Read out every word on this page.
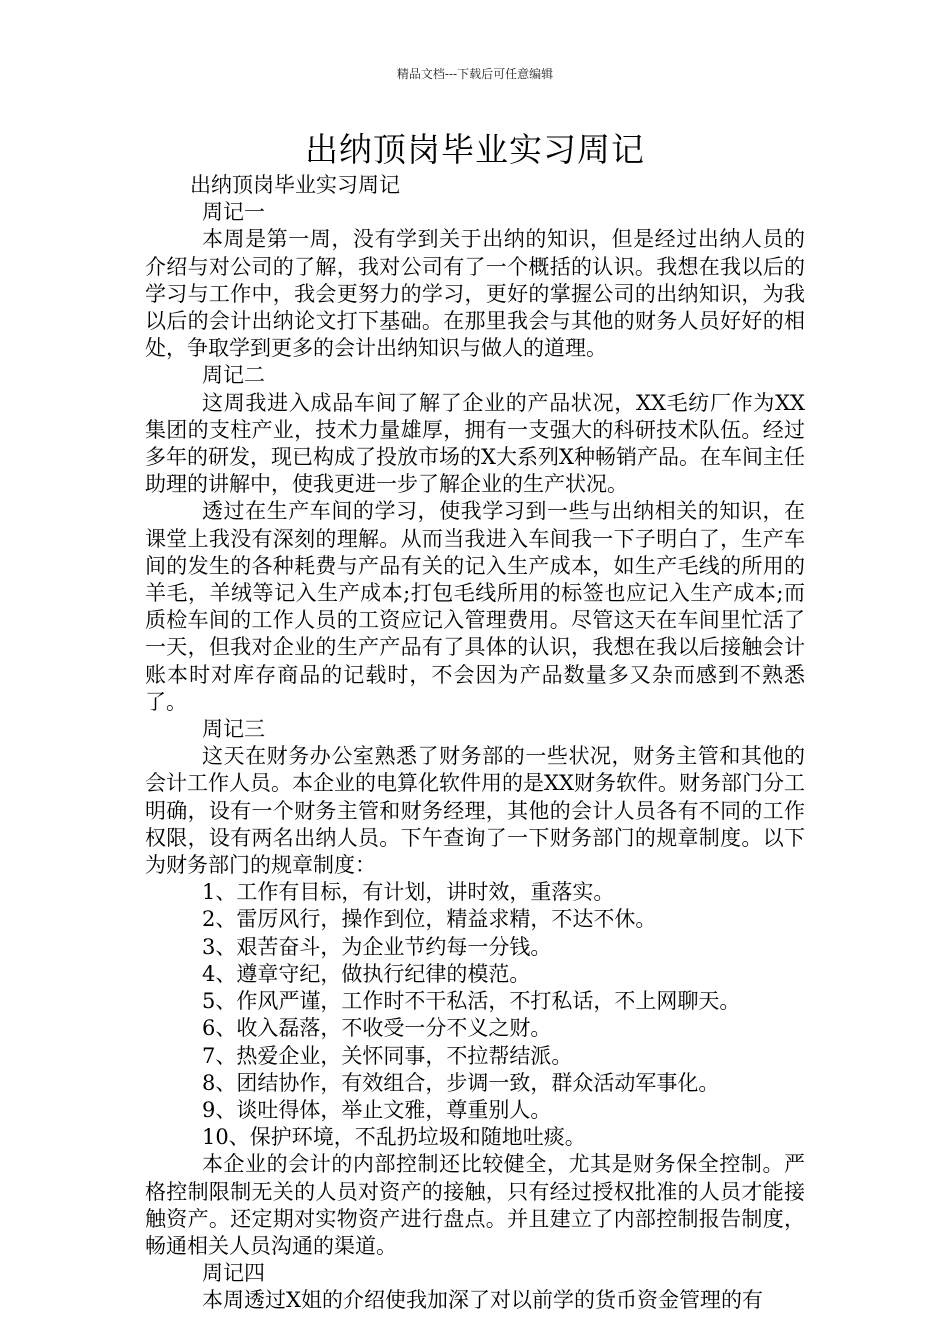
精品文档---下载后可任意编辑
出纳顶岗毕业实习周记

出纳顶岗毕业实习周记

周记一

本周是第一周，没有学到关于出纳的知识，但是经过出纳人员的介绍与对公司的了解，我对公司有了一个概括的认识。我想在我以后的学习与工作中，我会更努力的学习，更好的掌握公司的出纳知识，为我以后的会计出纳论文打下基础。在那里我会与其他的财务人员好好的相处，争取学到更多的会计出纳知识与做人的道理。

周记二

这周我进入成品车间了解了企业的产品状况，XX毛纺厂作为XX集团的支柱产业，技术力量雄厚，拥有一支强大的科研技术队伍。经过多年的研发，现已构成了投放市场的X大系列X种畅销产品。在车间主任助理的讲解中，使我更进一步了解企业的生产状况。

透过在生产车间的学习，使我学习到一些与出纳相关的知识，在课堂上我没有深刻的理解。从而当我进入车间我一下子明白了，生产车间的发生的各种耗费与产品有关的记入生产成本，如生产毛线的所用的羊毛，羊绒等记入生产成本;打包毛线所用的标签也应记入生产成本;而质检车间的工作人员的工资应记入管理费用。尽管这天在车间里忙活了一天，但我对企业的生产产品有了具体的认识，我想在我以后接触会计账本时对库存商品的记载时，不会因为产品数量多又杂而感到不熟悉了。

周记三

这天在财务办公室熟悉了财务部的一些状况，财务主管和其他的会计工作人员。本企业的电算化软件用的是XX财务软件。财务部门分工明确，设有一个财务主管和财务经理，其他的会计人员各有不同的工作权限，设有两名出纳人员。下午查询了一下财务部门的规章制度。以下为财务部门的规章制度：

1、工作有目标，有计划，讲时效，重落实。

2、雷厉风行，操作到位，精益求精，不达不休。

3、艰苦奋斗，为企业节约每一分钱。

4、遵章守纪，做执行纪律的模范。

5、作风严谨，工作时不干私活，不打私话，不上网聊天。

6、收入磊落，不收受一分不义之财。

7、热爱企业，关怀同事，不拉帮结派。

8、团结协作，有效组合，步调一致，群众活动军事化。

9、谈吐得体，举止文雅，尊重别人。

10、保护环境，不乱扔垃圾和随地吐痰。

本企业的会计的内部控制还比较健全，尤其是财务保全控制。严格控制限制无关的人员对资产的接触，只有经过授权批准的人员才能接触资产。还定期对实物资产进行盘点。并且建立了内部控制报告制度，畅通相关人员沟通的渠道。

周记四

本周透过X姐的介绍使我加深了对以前学的货币资金管理的有
